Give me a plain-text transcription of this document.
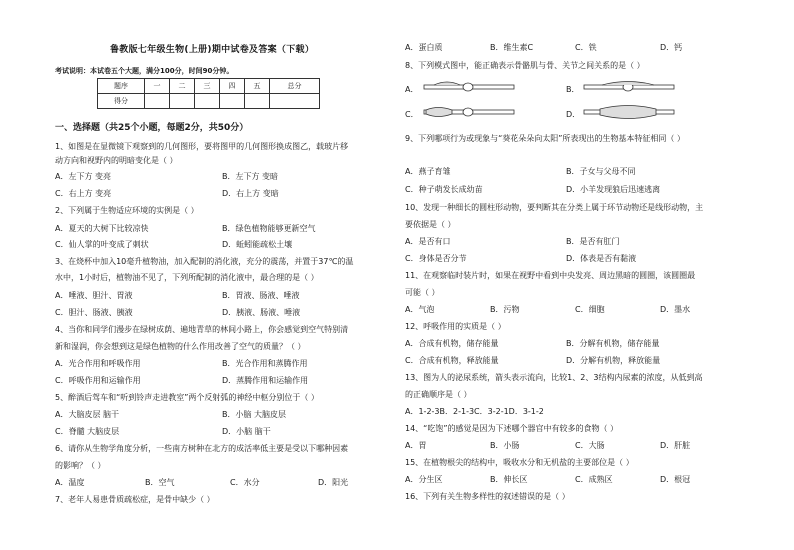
鲁教版七年级生物(上册)期中试卷及答案（下载）
考试说明：本试卷五个大题，满分100分，时间90分钟。
题序	一	二	三	四	五	总分
得分						
一、选择题（共25个小题，每题2分，共50分）
1、如图是在显微镜下观察到的几何图形，要将图甲的几何图形换成图乙，载玻片移
动方向和视野内的明暗变化是（ ）
A．左下方 变亮	B．左下方 变暗
C．右上方 变亮	D．右上方 变暗
2、下列属于生物适应环境的实例是（ ）
A．夏天的大树下比较凉快	B．绿色植物能够更新空气
C．仙人掌的叶变成了刺状	D．蚯蚓能疏松土壤
3、在烧杯中加入10毫升植物油，加入配制的消化液，充分的震荡，并置于37℃的温
水中，1小时后，植物油不见了，下列所配制的消化液中，最合理的是（ ）
A．唾液、胆汁、胃液	B．胃液、肠液、唾液
C．胆汁、肠液、胰液	D．胰液、肠液、唾液
4、当你和同学们漫步在绿树成荫、遍地青草的林间小路上，你会感觉到空气特别清
新和湿润，你会想到这是绿色植物的什么作用改善了空气的质量？（ ）
A．光合作用和呼吸作用	B．光合作用和蒸腾作用
C．呼吸作用和运输作用	D．蒸腾作用和运输作用
5、醉酒后驾车和“听到铃声走进教室”两个反射弧的神经中枢分别位于（ ）
A．大脑皮层 脑干	B．小脑 大脑皮层
C．脊髓 大脑皮层	D．小脑 脑干
6、请你从生物学角度分析，一些南方树种在北方的成活率低主要是受以下哪种因素
的影响？（ ）
A．温度	B．空气	C．水分	D．阳光
7、老年人易患骨质疏松症，是骨中缺少（ ）
A．蛋白质	B．维生素C	C．铁	D．钙
8、下列模式图中，能正确表示骨骼肌与骨、关节之间关系的是（ ）
A．	B．
C．	D．
9、下列哪项行为或现象与“葵花朵朵向太阳”所表现出的生物基本特征相同（ ）
A．燕子育雏	B．子女与父母不同
C．种子萌发长成幼苗	D．小羊发现狼后迅速逃离
10、发现一种细长的圆柱形动物，要判断其在分类上属于环节动物还是线形动物，主
要依据是（ ）
A．是否有口	B．是否有肛门
C．身体是否分节	D．体表是否有黏液
11、在观察临时装片时，如果在视野中看到中央发亮、周边黑暗的圆圈，该圆圈最
可能（ ）
A．气泡	B．污物	C．细胞	D．墨水
12、呼吸作用的实质是（ ）
A．合成有机物，储存能量	B．分解有机物，储存能量
C．合成有机物，释放能量	D．分解有机物，释放能量
13、图为人的泌尿系统，箭头表示流向，比较1、2、3结构内尿素的浓度，从低到高
的正确顺序是（ ）
A．1-2-3B．2-1-3C．3-2-1D．3-1-2
14、“吃饱”的感觉是因为下述哪个器官中有较多的食物（ ）
A．胃	B．小肠	C．大肠	D．肝脏
15、在植物根尖的结构中，吸收水分和无机盐的主要部位是（ ）
A．分生区	B．伸长区	C．成熟区	D．根冠
16、下列有关生物多样性的叙述错误的是（ ）
